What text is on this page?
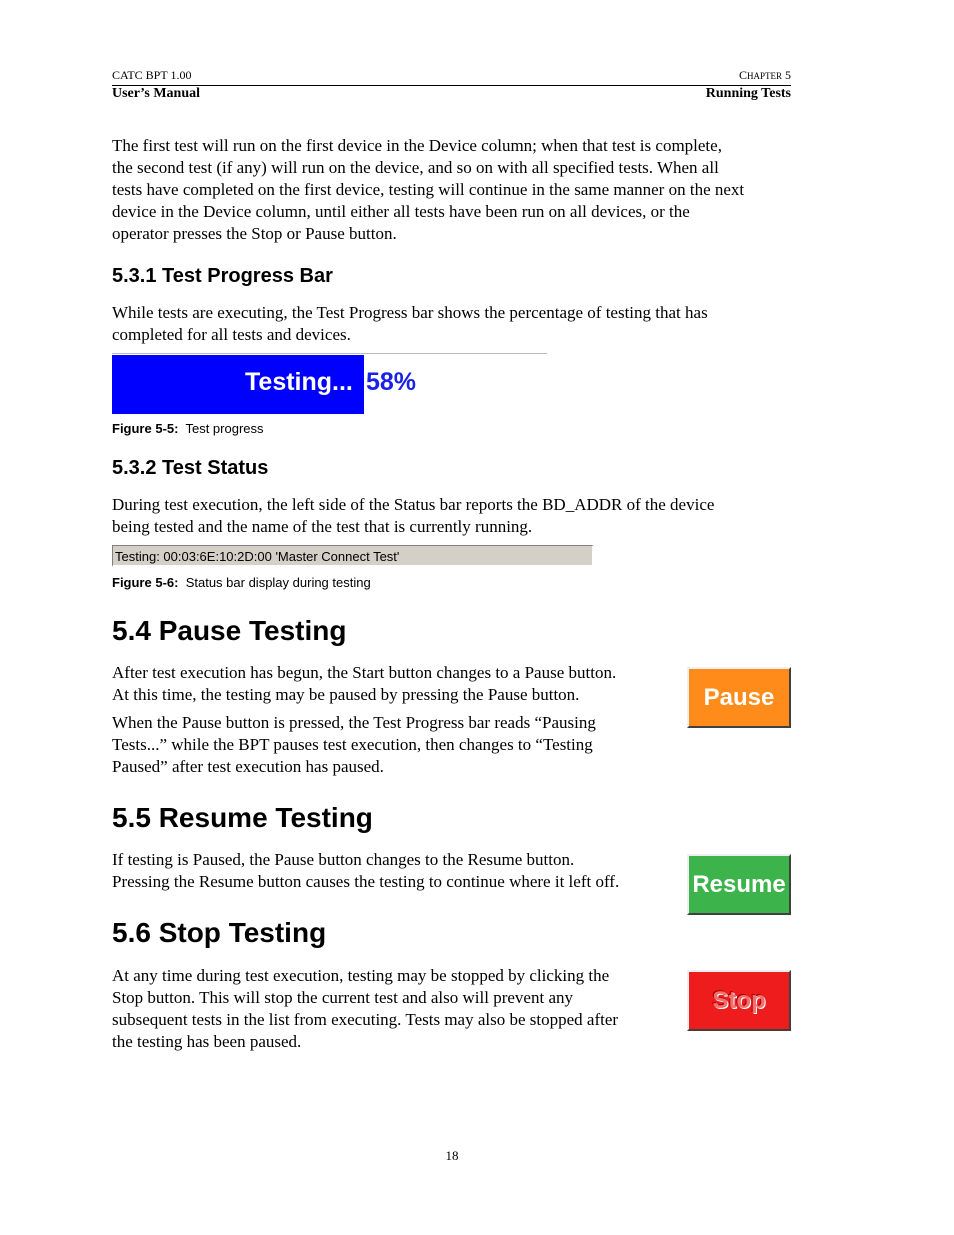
CATC BPT 1.00	CHAPTER 5
User’s Manual	Running Tests
The first test will run on the first device in the Device column; when that test is complete,
the second test (if any) will run on the device, and so on with all specified tests. When all
tests have completed on the first device, testing will continue in the same manner on the next
device in the Device column, until either all tests have been run on all devices, or the
operator presses the Stop or Pause button.
5.3.1 Test Progress Bar
While tests are executing, the Test Progress bar shows the percentage of testing that has
completed for all tests and devices.
Testing... 58%
Figure 5-5: Test progress
5.3.2 Test Status
During test execution, the left side of the Status bar reports the BD_ADDR of the device
being tested and the name of the test that is currently running.
Testing: 00:03:6E:10:2D:00 'Master Connect Test'
Figure 5-6: Status bar display during testing
5.4 Pause Testing
After test execution has begun, the Start button changes to a Pause button.
At this time, the testing may be paused by pressing the Pause button.
When the Pause button is pressed, the Test Progress bar reads “Pausing
Tests...” while the BPT pauses test execution, then changes to “Testing
Paused” after test execution has paused.
Pause
5.5 Resume Testing
If testing is Paused, the Pause button changes to the Resume button.
Pressing the Resume button causes the testing to continue where it left off.	Resume
5.6 Stop Testing
At any time during test execution, testing may be stopped by clicking the
Stop button. This will stop the current test and also will prevent any
subsequent tests in the list from executing. Tests may also be stopped after
the testing has been paused.
Stop
18
